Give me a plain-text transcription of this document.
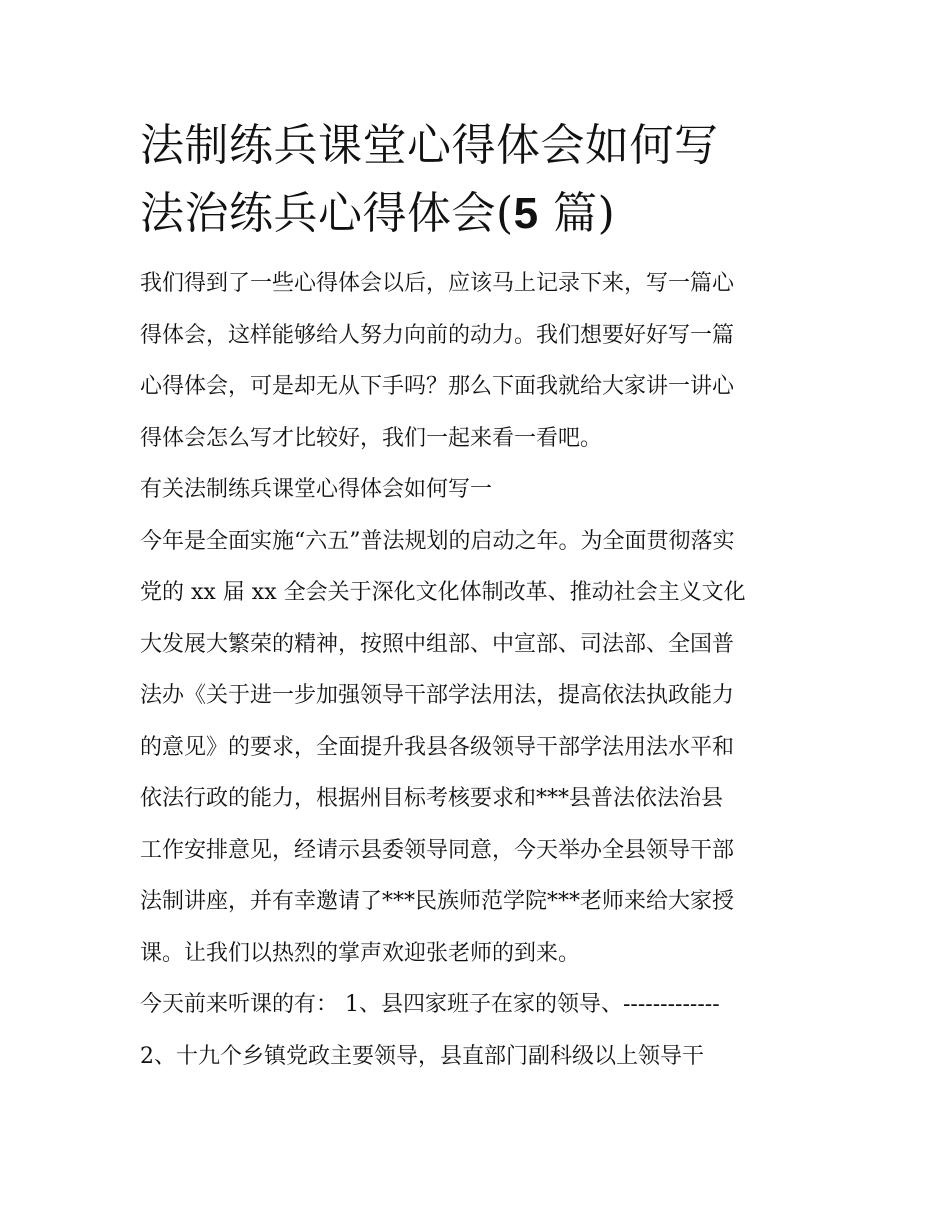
法制练兵课堂心得体会如何写
法治练兵心得体会(5 篇)

我们得到了一些心得体会以后，应该马上记录下来，写一篇心
得体会，这样能够给人努力向前的动力。我们想要好好写一篇
心得体会，可是却无从下手吗？那么下面我就给大家讲一讲心
得体会怎么写才比较好，我们一起来看一看吧。

有关法制练兵课堂心得体会如何写一

今年是全面实施“六五”普法规划的启动之年。为全面贯彻落实
党的 xx 届 xx 全会关于深化文化体制改革、推动社会主义文化
大发展大繁荣的精神，按照中组部、中宣部、司法部、全国普
法办《关于进一步加强领导干部学法用法，提高依法执政能力
的意见》的要求，全面提升我县各级领导干部学法用法水平和
依法行政的能力，根据州目标考核要求和***县普法依法治县
工作安排意见，经请示县委领导同意，今天举办全县领导干部
法制讲座，并有幸邀请了***民族师范学院***老师来给大家授
课。让我们以热烈的掌声欢迎张老师的到来。

今天前来听课的有： 1、县四家班子在家的领导、-------------
2、十九个乡镇党政主要领导，县直部门副科级以上领导干
